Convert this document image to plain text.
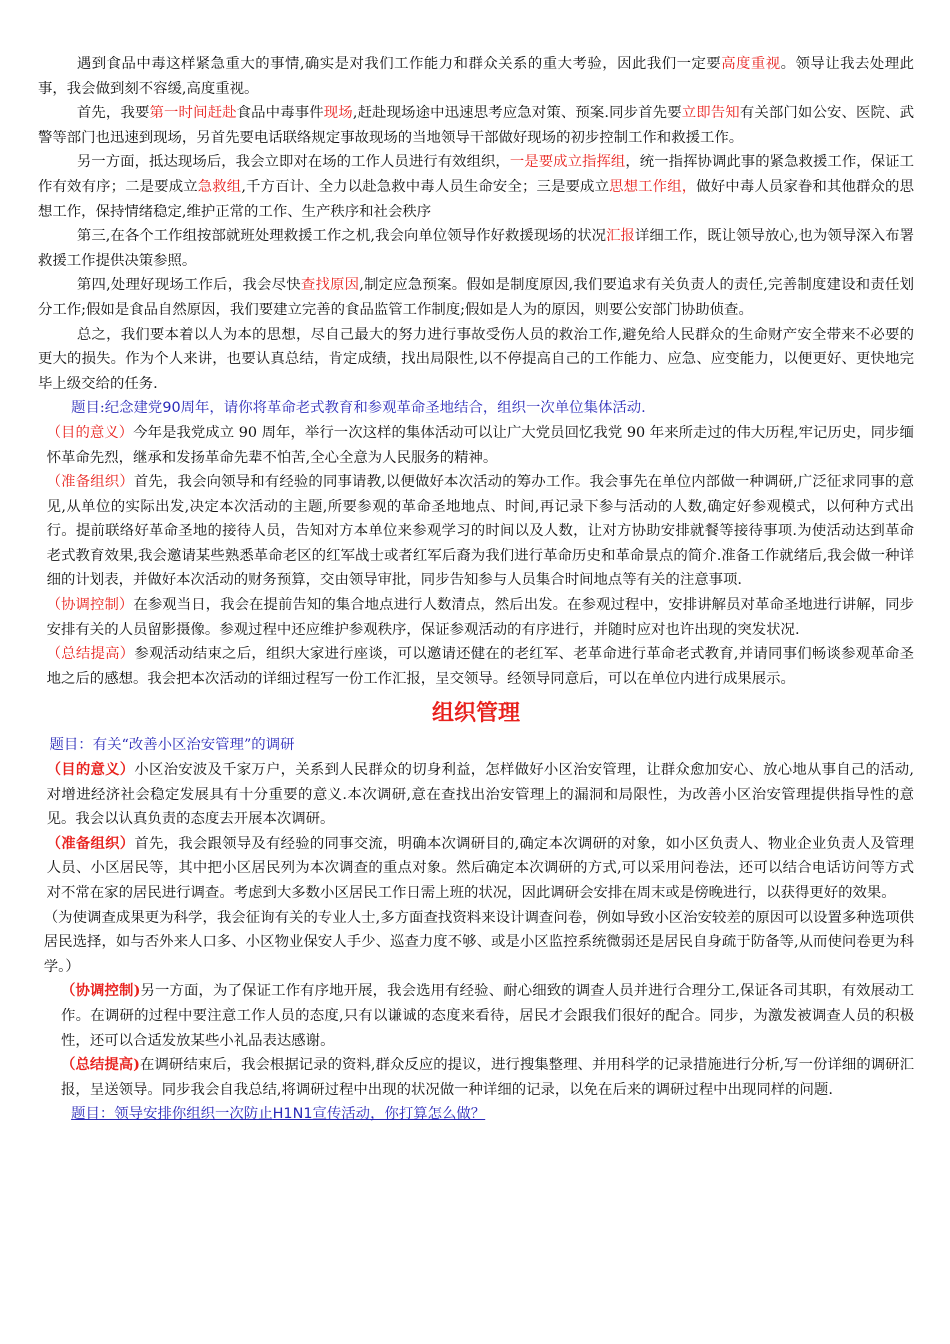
遇到食品中毒这样紧急重大的事情,确实是对我们工作能力和群众关系的重大考验，因此我们一定要高度重视。领导让我去处理此事，我会做到刻不容缓,高度重视。

首先，我要第一时间赶赴食品中毒事件现场,赶赴现场途中迅速思考应急对策、预案.同步首先要立即告知有关部门如公安、医院、武警等部门也迅速到现场，另首先要电话联络规定事故现场的当地领导干部做好现场的初步控制工作和救援工作。

另一方面，抵达现场后，我会立即对在场的工作人员进行有效组织，一是要成立指挥组，统一指挥协调此事的紧急救援工作，保证工作有效有序；二是要成立急救组,千方百计、全力以赴急救中毒人员生命安全；三是要成立思想工作组，做好中毒人员家眷和其他群众的思想工作，保持情绪稳定,维护正常的工作、生产秩序和社会秩序

第三,在各个工作组按部就班处理救援工作之机,我会向单位领导作好救援现场的状况汇报详细工作，既让领导放心,也为领导深入布署救援工作提供决策参照。

第四,处理好现场工作后，我会尽快查找原因,制定应急预案。假如是制度原因,我们要追求有关负责人的责任,完善制度建设和责任划分工作;假如是食品自然原因，我们要建立完善的食品监管工作制度;假如是人为的原因，则要公安部门协助侦查。

总之，我们要本着以人为本的思想，尽自己最大的努力进行事故受伤人员的救治工作,避免给人民群众的生命财产安全带来不必要的更大的损失。作为个人来讲，也要认真总结，肯定成绩，找出局限性,以不停提高自己的工作能力、应急、应变能力，以便更好、更快地完毕上级交给的任务.

题目:纪念建党90周年，请你将革命老式教育和参观革命圣地结合，组织一次单位集体活动.

（目的意义）今年是我党成立 90 周年，举行一次这样的集体活动可以让广大党员回忆我党 90 年来所走过的伟大历程,牢记历史，同步缅怀革命先烈，继承和发扬革命先辈不怕苦,全心全意为人民服务的精神。

（准备组织）首先，我会向领导和有经验的同事请教,以便做好本次活动的筹办工作。我会事先在单位内部做一种调研,广泛征求同事的意见,从单位的实际出发,决定本次活动的主题,所要参观的革命圣地地点、时间,再记录下参与活动的人数,确定好参观模式，以何种方式出行。提前联络好革命圣地的接待人员，告知对方本单位来参观学习的时间以及人数，让对方协助安排就餐等接待事项.为使活动达到革命老式教育效果,我会邀请某些熟悉革命老区的红军战士或者红军后裔为我们进行革命历史和革命景点的简介.准备工作就绪后,我会做一种详细的计划表，并做好本次活动的财务预算，交由领导审批，同步告知参与人员集合时间地点等有关的注意事项.

（协调控制）在参观当日，我会在提前告知的集合地点进行人数清点，然后出发。在参观过程中，安排讲解员对革命圣地进行讲解，同步安排有关的人员留影摄像。参观过程中还应维护参观秩序，保证参观活动的有序进行，并随时应对也许出现的突发状况.

（总结提高）参观活动结束之后，组织大家进行座谈，可以邀请还健在的老红军、老革命进行革命老式教育,并请同事们畅谈参观革命圣地之后的感想。我会把本次活动的详细过程写一份工作汇报，呈交领导。经领导同意后，可以在单位内进行成果展示。

组织管理

题目：有关“改善小区治安管理”的调研

（目的意义）小区治安波及千家万户，关系到人民群众的切身利益，怎样做好小区治安管理，让群众愈加安心、放心地从事自己的活动,对增进经济社会稳定发展具有十分重要的意义.本次调研,意在查找出治安管理上的漏洞和局限性，为改善小区治安管理提供指导性的意见。我会以认真负责的态度去开展本次调研。

（准备组织）首先，我会跟领导及有经验的同事交流，明确本次调研目的,确定本次调研的对象，如小区负责人、物业企业负责人及管理人员、小区居民等，其中把小区居民列为本次调查的重点对象。然后确定本次调研的方式,可以采用问卷法，还可以结合电话访问等方式对不常在家的居民进行调查。考虑到大多数小区居民工作日需上班的状况，因此调研会安排在周末或是傍晚进行，以获得更好的效果。

（为使调查成果更为科学，我会征询有关的专业人士,多方面查找资料来设计调查问卷，例如导致小区治安较差的原因可以设置多种选项供居民选择，如与否外来人口多、小区物业保安人手少、巡查力度不够、或是小区监控系统微弱还是居民自身疏于防备等,从而使问卷更为科学。）

（协调控制)另一方面，为了保证工作有序地开展，我会选用有经验、耐心细致的调查人员并进行合理分工,保证各司其职，有效展动工作。在调研的过程中要注意工作人员的态度,只有以谦诚的态度来看待，居民才会跟我们很好的配合。同步，为激发被调查人员的积极性，还可以合适发放某些小礼品表达感谢。

（总结提高)在调研结束后，我会根据记录的资料,群众反应的提议，进行搜集整理、并用科学的记录措施进行分析,写一份详细的调研汇报，呈送领导。同步我会自我总结,将调研过程中出现的状况做一种详细的记录，以免在后来的调研过程中出现同样的问题.

题目：领导安排你组织一次防止H1N1宣传活动，你打算怎么做？
